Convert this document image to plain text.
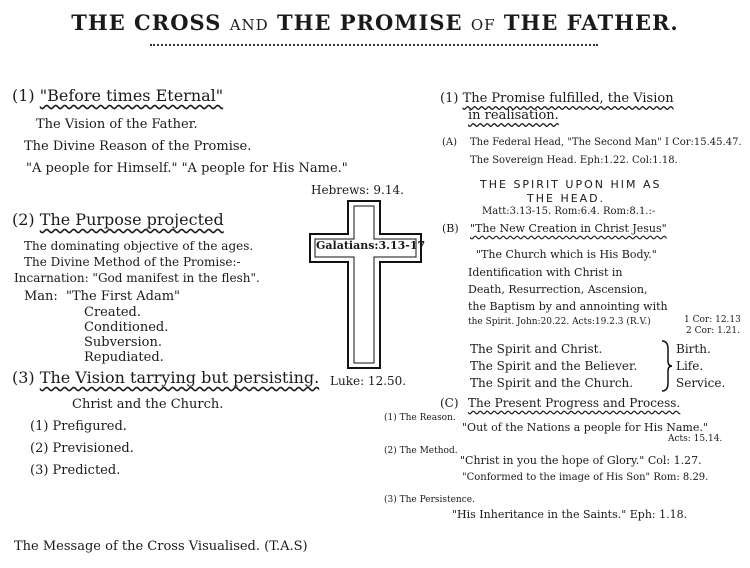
THE CROSS AND THE PROMISE OF THE FATHER.
(1) "Before times Eternal"
The Vision of the Father.
The Divine Reason of the Promise.
"A people for Himself." "A people for His Name."
(2) The Purpose projected
The dominating objective of the ages.
The Divine Method of the Promise:-
Incarnation: "God manifest in the flesh".
Man: "The First Adam"
Created.
Conditioned.
Subversion.
Repudiated.
(3) The Vision tarrying but persisting.
Christ and the Church.
(1) Prefigured.
(2) Previsioned.
(3) Predicted.
The Message of the Cross Visualised. (T.A.S)
Hebrews: 9.14.
Galatians:3.13-17
Luke: 12.50.
(1) The Promise fulfilled, the Vision
in realisation.
(A) The Federal Head, "The Second Man" I Cor:15.45.47.
The Sovereign Head. Eph:1.22. Col:1.18.
THE SPIRIT UPON HIM AS
THE HEAD.
Matt:3.13-15. Rom:6.4. Rom:8.1.:-
(B) "The New Creation in Christ Jesus"
"The Church which is His Body."
Identification with Christ in
Death, Resurrection, Ascension,
the Baptism by and annointing with
the Spirit. John:20.22. Acts:19.2.3 (R.V.)	1 Cor: 12.13
2 Cor: 1.21.
The Spirit and Christ.
The Spirit and the Believer.
The Spirit and the Church.
Birth.
Life.
Service.
(C) The Present Progress and Process.
(1) The Reason.
"Out of the Nations a people for His Name."
Acts: 15.14.
(2) The Method.
"Christ in you the hope of Glory." Col: 1.27.
"Conformed to the image of His Son" Rom: 8.29.
(3) The Persistence.
"His Inheritance in the Saints." Eph: 1.18.
